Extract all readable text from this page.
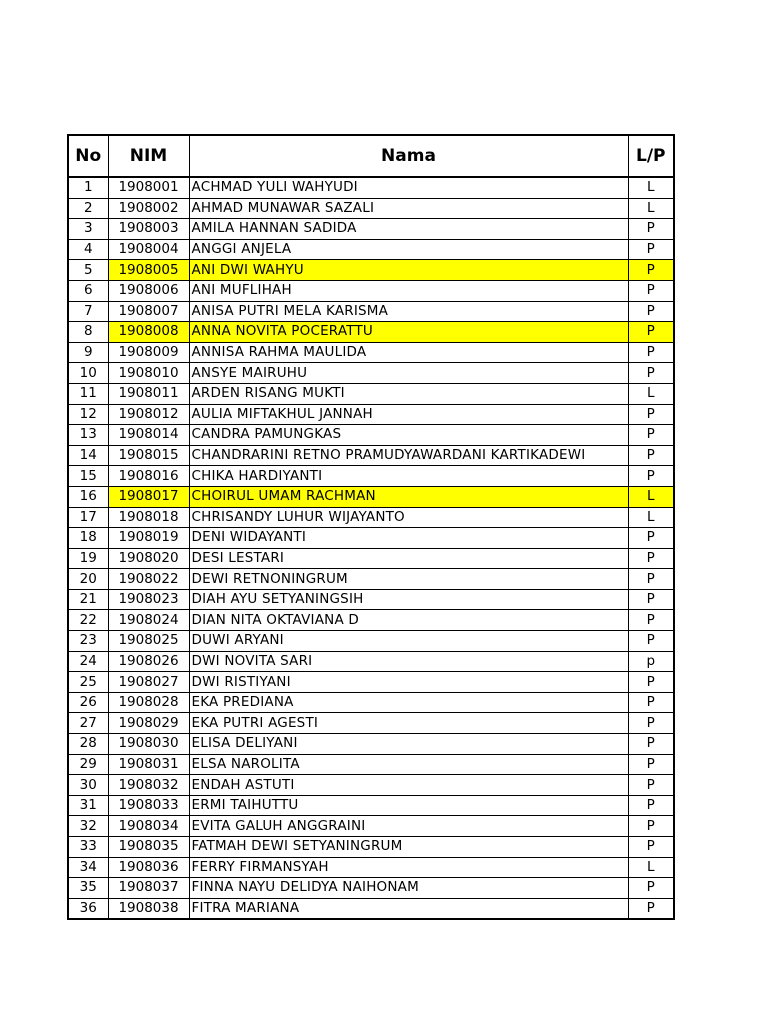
No	NIM	Nama	L/P
1	1908001	ACHMAD YULI WAHYUDI	L
2	1908002	AHMAD MUNAWAR SAZALI	L
3	1908003	AMILA HANNAN SADIDA	P
4	1908004	ANGGI ANJELA	P
5	1908005	ANI DWI WAHYU	P
6	1908006	ANI MUFLIHAH	P
7	1908007	ANISA PUTRI MELA KARISMA	P
8	1908008	ANNA NOVITA POCERATTU	P
9	1908009	ANNISA RAHMA MAULIDA	P
10	1908010	ANSYE MAIRUHU	P
11	1908011	ARDEN RISANG MUKTI	L
12	1908012	AULIA MIFTAKHUL JANNAH	P
13	1908014	CANDRA PAMUNGKAS	P
14	1908015	CHANDRARINI RETNO PRAMUDYAWARDANI KARTIKADEWI	P
15	1908016	CHIKA HARDIYANTI	P
16	1908017	CHOIRUL UMAM RACHMAN	L
17	1908018	CHRISANDY LUHUR WIJAYANTO	L
18	1908019	DENI WIDAYANTI	P
19	1908020	DESI LESTARI	P
20	1908022	DEWI RETNONINGRUM	P
21	1908023	DIAH AYU SETYANINGSIH	P
22	1908024	DIAN NITA OKTAVIANA D	P
23	1908025	DUWI ARYANI	P
24	1908026	DWI NOVITA SARI	p
25	1908027	DWI RISTIYANI	P
26	1908028	EKA PREDIANA	P
27	1908029	EKA PUTRI AGESTI	P
28	1908030	ELISA DELIYANI	P
29	1908031	ELSA NAROLITA	P
30	1908032	ENDAH ASTUTI	P
31	1908033	ERMI TAIHUTTU	P
32	1908034	EVITA GALUH ANGGRAINI	P
33	1908035	FATMAH DEWI SETYANINGRUM	P
34	1908036	FERRY FIRMANSYAH	L
35	1908037	FINNA NAYU DELIDYA NAIHONAM	P
36	1908038	FITRA MARIANA	P
